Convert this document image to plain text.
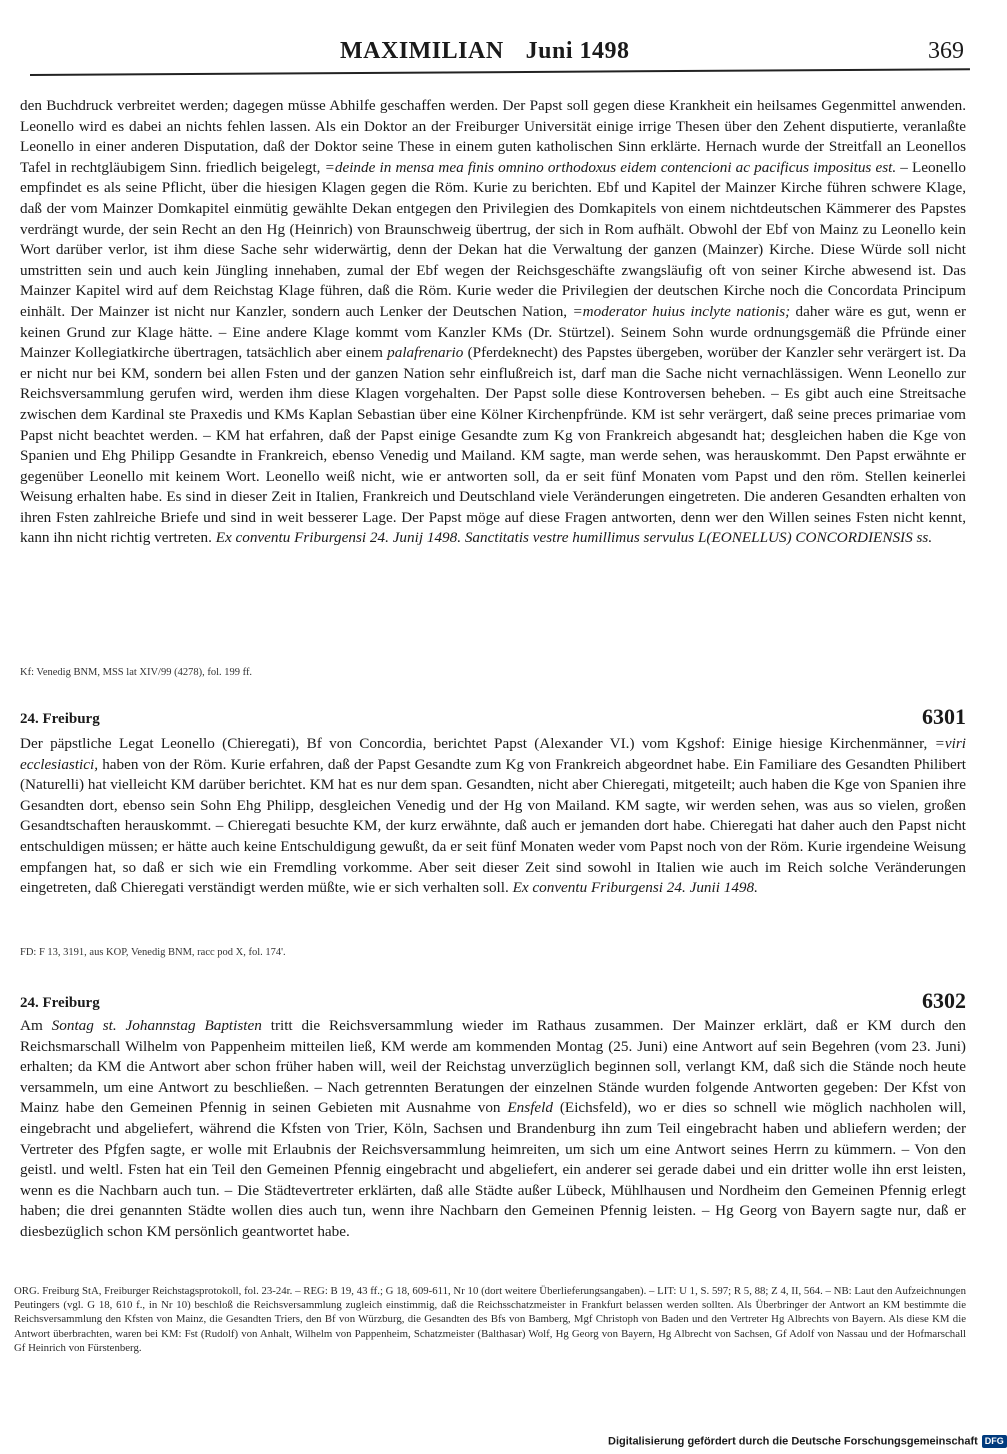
MAXIMILIAN Juni 1498	369

den Buchdruck verbreitet werden; dagegen müsse Abhilfe geschaffen werden. Der Papst soll gegen diese Krankheit ein heilsames Gegenmittel anwenden. Leonello wird es dabei an nichts fehlen lassen. Als ein Doktor an der Freiburger Universität einige irrige Thesen über den Zehent disputierte, veranlaßte Leonello in einer anderen Disputation, daß der Doktor seine These in einem guten katholischen Sinn erklärte. Hernach wurde der Streitfall an Leonellos Tafel in rechtgläubigem Sinn. friedlich beigelegt, =deinde in mensa mea finis omnino orthodoxus eidem contencioni ac pacificus impositus est. – Leonello empfindet es als seine Pflicht, über die hiesigen Klagen gegen die Röm. Kurie zu berichten. Ebf und Kapitel der Mainzer Kirche führen schwere Klage, daß der vom Mainzer Domkapitel einmütig gewählte Dekan entgegen den Privilegien des Domkapitels von einem nichtdeutschen Kämmerer des Papstes verdrängt wurde, der sein Recht an den Hg (Heinrich) von Braunschweig übertrug, der sich in Rom aufhält. Obwohl der Ebf von Mainz zu Leonello kein Wort darüber verlor, ist ihm diese Sache sehr widerwärtig, denn der Dekan hat die Verwaltung der ganzen (Mainzer) Kirche. Diese Würde soll nicht umstritten sein und auch kein Jüngling innehaben, zumal der Ebf wegen der Reichsgeschäfte zwangsläufig oft von seiner Kirche abwesend ist. Das Mainzer Kapitel wird auf dem Reichstag Klage führen, daß die Röm. Kurie weder die Privilegien der deutschen Kirche noch die Concordata Principum einhält. Der Mainzer ist nicht nur Kanzler, sondern auch Lenker der Deutschen Nation, =moderator huius inclyte nationis; daher wäre es gut, wenn er keinen Grund zur Klage hätte. – Eine andere Klage kommt vom Kanzler KMs (Dr. Stürtzel). Seinem Sohn wurde ordnungsgemäß die Pfründe einer Mainzer Kollegiatkirche übertragen, tatsächlich aber einem palafrenario (Pferdeknecht) des Papstes übergeben, worüber der Kanzler sehr verärgert ist. Da er nicht nur bei KM, sondern bei allen Fsten und der ganzen Nation sehr einflußreich ist, darf man die Sache nicht vernachlässigen. Wenn Leonello zur Reichsversammlung gerufen wird, werden ihm diese Klagen vorgehalten. Der Papst solle diese Kontroversen beheben. – Es gibt auch eine Streitsache zwischen dem Kardinal ste Praxedis und KMs Kaplan Sebastian über eine Kölner Kirchenpfründe. KM ist sehr verärgert, daß seine preces primariae vom Papst nicht beachtet werden. – KM hat erfahren, daß der Papst einige Gesandte zum Kg von Frankreich abgesandt hat; desgleichen haben die Kge von Spanien und Ehg Philipp Gesandte in Frankreich, ebenso Venedig und Mailand. KM sagte, man werde sehen, was herauskommt. Den Papst erwähnte er gegenüber Leonello mit keinem Wort. Leonello weiß nicht, wie er antworten soll, da er seit fünf Monaten vom Papst und den röm. Stellen keinerlei Weisung erhalten habe. Es sind in dieser Zeit in Italien, Frankreich und Deutschland viele Veränderungen eingetreten. Die anderen Gesandten erhalten von ihren Fsten zahlreiche Briefe und sind in weit besserer Lage. Der Papst möge auf diese Fragen antworten, denn wer den Willen seines Fsten nicht kennt, kann ihn nicht richtig vertreten. Ex conventu Friburgensi 24. Junij 1498. Sanctitatis vestre humillimus servulus L(EONELLUS) CONCORDIENSIS ss.

Kf: Venedig BNM, MSS lat XIV/99 (4278), fol. 199 ff.
24. Freiburg	6301

Der päpstliche Legat Leonello (Chieregati), Bf von Concordia, berichtet Papst (Alexander VI.) vom Kgshof: Einige hiesige Kirchenmänner, =viri ecclesiastici, haben von der Röm. Kurie erfahren, daß der Papst Gesandte zum Kg von Frankreich abgeordnet habe. Ein Familiare des Gesandten Philibert (Naturelli) hat vielleicht KM darüber berichtet. KM hat es nur dem span. Gesandten, nicht aber Chieregati, mitgeteilt; auch haben die Kge von Spanien ihre Gesandten dort, ebenso sein Sohn Ehg Philipp, desgleichen Venedig und der Hg von Mailand. KM sagte, wir werden sehen, was aus so vielen, großen Gesandtschaften herauskommt. – Chieregati besuchte KM, der kurz erwähnte, daß auch er jemanden dort habe. Chieregati hat daher auch den Papst nicht entschuldigen müssen; er hätte auch keine Entschuldigung gewußt, da er seit fünf Monaten weder vom Papst noch von der Röm. Kurie irgendeine Weisung empfangen hat, so daß er sich wie ein Fremdling vorkomme. Aber seit dieser Zeit sind sowohl in Italien wie auch im Reich solche Veränderungen eingetreten, daß Chieregati verständigt werden müßte, wie er sich verhalten soll. Ex conventu Friburgensi 24. Junii 1498.

FD: F 13, 3191, aus KOP, Venedig BNM, racc pod X, fol. 174'.
24. Freiburg	6302

Am Sontag st. Johannstag Baptisten tritt die Reichsversammlung wieder im Rathaus zusammen. Der Mainzer erklärt, daß er KM durch den Reichsmarschall Wilhelm von Pappenheim mitteilen ließ, KM werde am kommenden Montag (25. Juni) eine Antwort auf sein Begehren (vom 23. Juni) erhalten; da KM die Antwort aber schon früher haben will, weil der Reichstag unverzüglich beginnen soll, verlangt KM, daß sich die Stände noch heute versammeln, um eine Antwort zu beschließen. – Nach getrennten Beratungen der einzelnen Stände wurden folgende Antworten gegeben: Der Kfst von Mainz habe den Gemeinen Pfennig in seinen Gebieten mit Ausnahme von Ensfeld (Eichsfeld), wo er dies so schnell wie möglich nachholen will, eingebracht und abgeliefert, während die Kfsten von Trier, Köln, Sachsen und Brandenburg ihn zum Teil eingebracht haben und abliefern werden; der Vertreter des Pfgfen sagte, er wolle mit Erlaubnis der Reichsversammlung heimreiten, um sich um eine Antwort seines Herrn zu kümmern. – Von den geistl. und weltl. Fsten hat ein Teil den Gemeinen Pfennig eingebracht und abgeliefert, ein anderer sei gerade dabei und ein dritter wolle ihn erst leisten, wenn es die Nachbarn auch tun. – Die Städtevertreter erklärten, daß alle Städte außer Lübeck, Mühlhausen und Nordheim den Gemeinen Pfennig erlegt haben; die drei genannten Städte wollen dies auch tun, wenn ihre Nachbarn den Gemeinen Pfennig leisten. – Hg Georg von Bayern sagte nur, daß er diesbezüglich schon KM persönlich geantwortet habe.

ORG. Freiburg StA, Freiburger Reichstagsprotokoll, fol. 23-24r. – REG: B 19, 43 ff.; G 18, 609-611, Nr 10 (dort weitere Überlieferungsangaben). – LIT: U 1, S. 597; R 5, 88; Z 4, II, 564. – NB: Laut den Aufzeichnungen Peutingers (vgl. G 18, 610 f., in Nr 10) beschloß die Reichsversammlung zugleich einstimmig, daß die Reichsschatzmeister in Frankfurt belassen werden sollten. Als Überbringer der Antwort an KM bestimmte die Reichsversammlung den Kfsten von Mainz, die Gesandten Triers, den Bf von Würzburg, die Gesandten des Bfs von Bamberg, Mgf Christoph von Baden und den Vertreter Hg Albrechts von Bayern. Als diese KM die Antwort überbrachten, waren bei KM: Fst (Rudolf) von Anhalt, Wilhelm von Pappenheim, Schatzmeister (Balthasar) Wolf, Hg Georg von Bayern, Hg Albrecht von Sachsen, Gf Adolf von Nassau und der Hofmarschall Gf Heinrich von Fürstenberg.
Digitalisierung gefördert durch die Deutsche Forschungsgemeinschaft DFG
